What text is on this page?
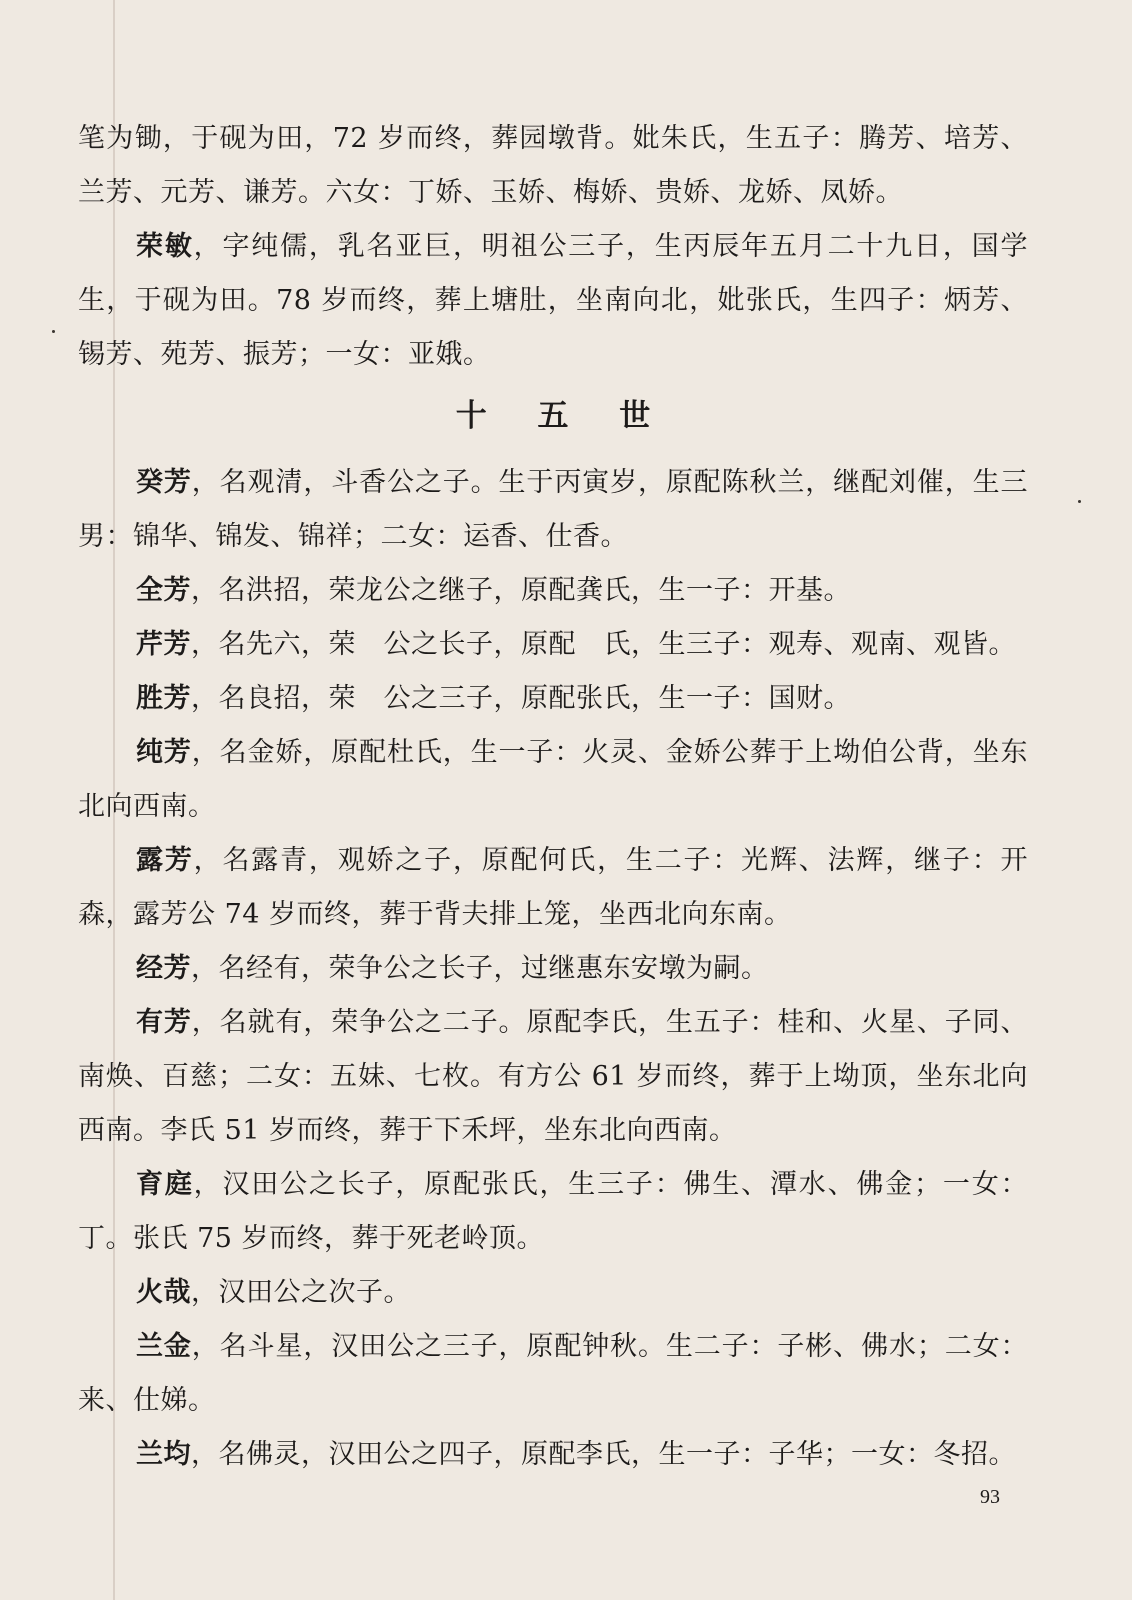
笔为锄，于砚为田，72 岁而终，葬园墩背。妣朱氏，生五子：腾芳、培芳、兰芳、元芳、谦芳。六女：丁娇、玉娇、梅娇、贵娇、龙娇、凤娇。

荣敏，字纯儒，乳名亚巨，明祖公三子，生丙辰年五月二十九日，国学生，于砚为田。78 岁而终，葬上塘肚，坐南向北，妣张氏，生四子：炳芳、锡芳、苑芳、振芳；一女：亚娥。

十 五 世

癸芳，名观清，斗香公之子。生于丙寅岁，原配陈秋兰，继配刘催，生三男：锦华、锦发、锦祥；二女：运香、仕香。

全芳，名洪招，荣龙公之继子，原配龚氏，生一子：开基。

芹芳，名先六，荣　公之长子，原配　氏，生三子：观寿、观南、观皆。

胜芳，名良招，荣　公之三子，原配张氏，生一子：国财。

纯芳，名金娇，原配杜氏，生一子：火灵、金娇公葬于上坳伯公背，坐东北向西南。

露芳，名露青，观娇之子，原配何氏，生二子：光辉、法辉，继子：开森，露芳公 74 岁而终，葬于背夫排上笼，坐西北向东南。

经芳，名经有，荣争公之长子，过继惠东安墩为嗣。

有芳，名就有，荣争公之二子。原配李氏，生五子：桂和、火星、子同、南焕、百慈；二女：五妹、七枚。有方公 61 岁而终，葬于上坳顶，坐东北向西南。李氏 51 岁而终，葬于下禾坪，坐东北向西南。

育庭，汉田公之长子，原配张氏，生三子：佛生、潭水、佛金；一女：丁。张氏 75 岁而终，葬于死老岭顶。

火哉，汉田公之次子。

兰金，名斗星，汉田公之三子，原配钟秋。生二子：子彬、佛水；二女：来、仕娣。

兰均，名佛灵，汉田公之四子，原配李氏，生一子：子华；一女：冬招。

93
